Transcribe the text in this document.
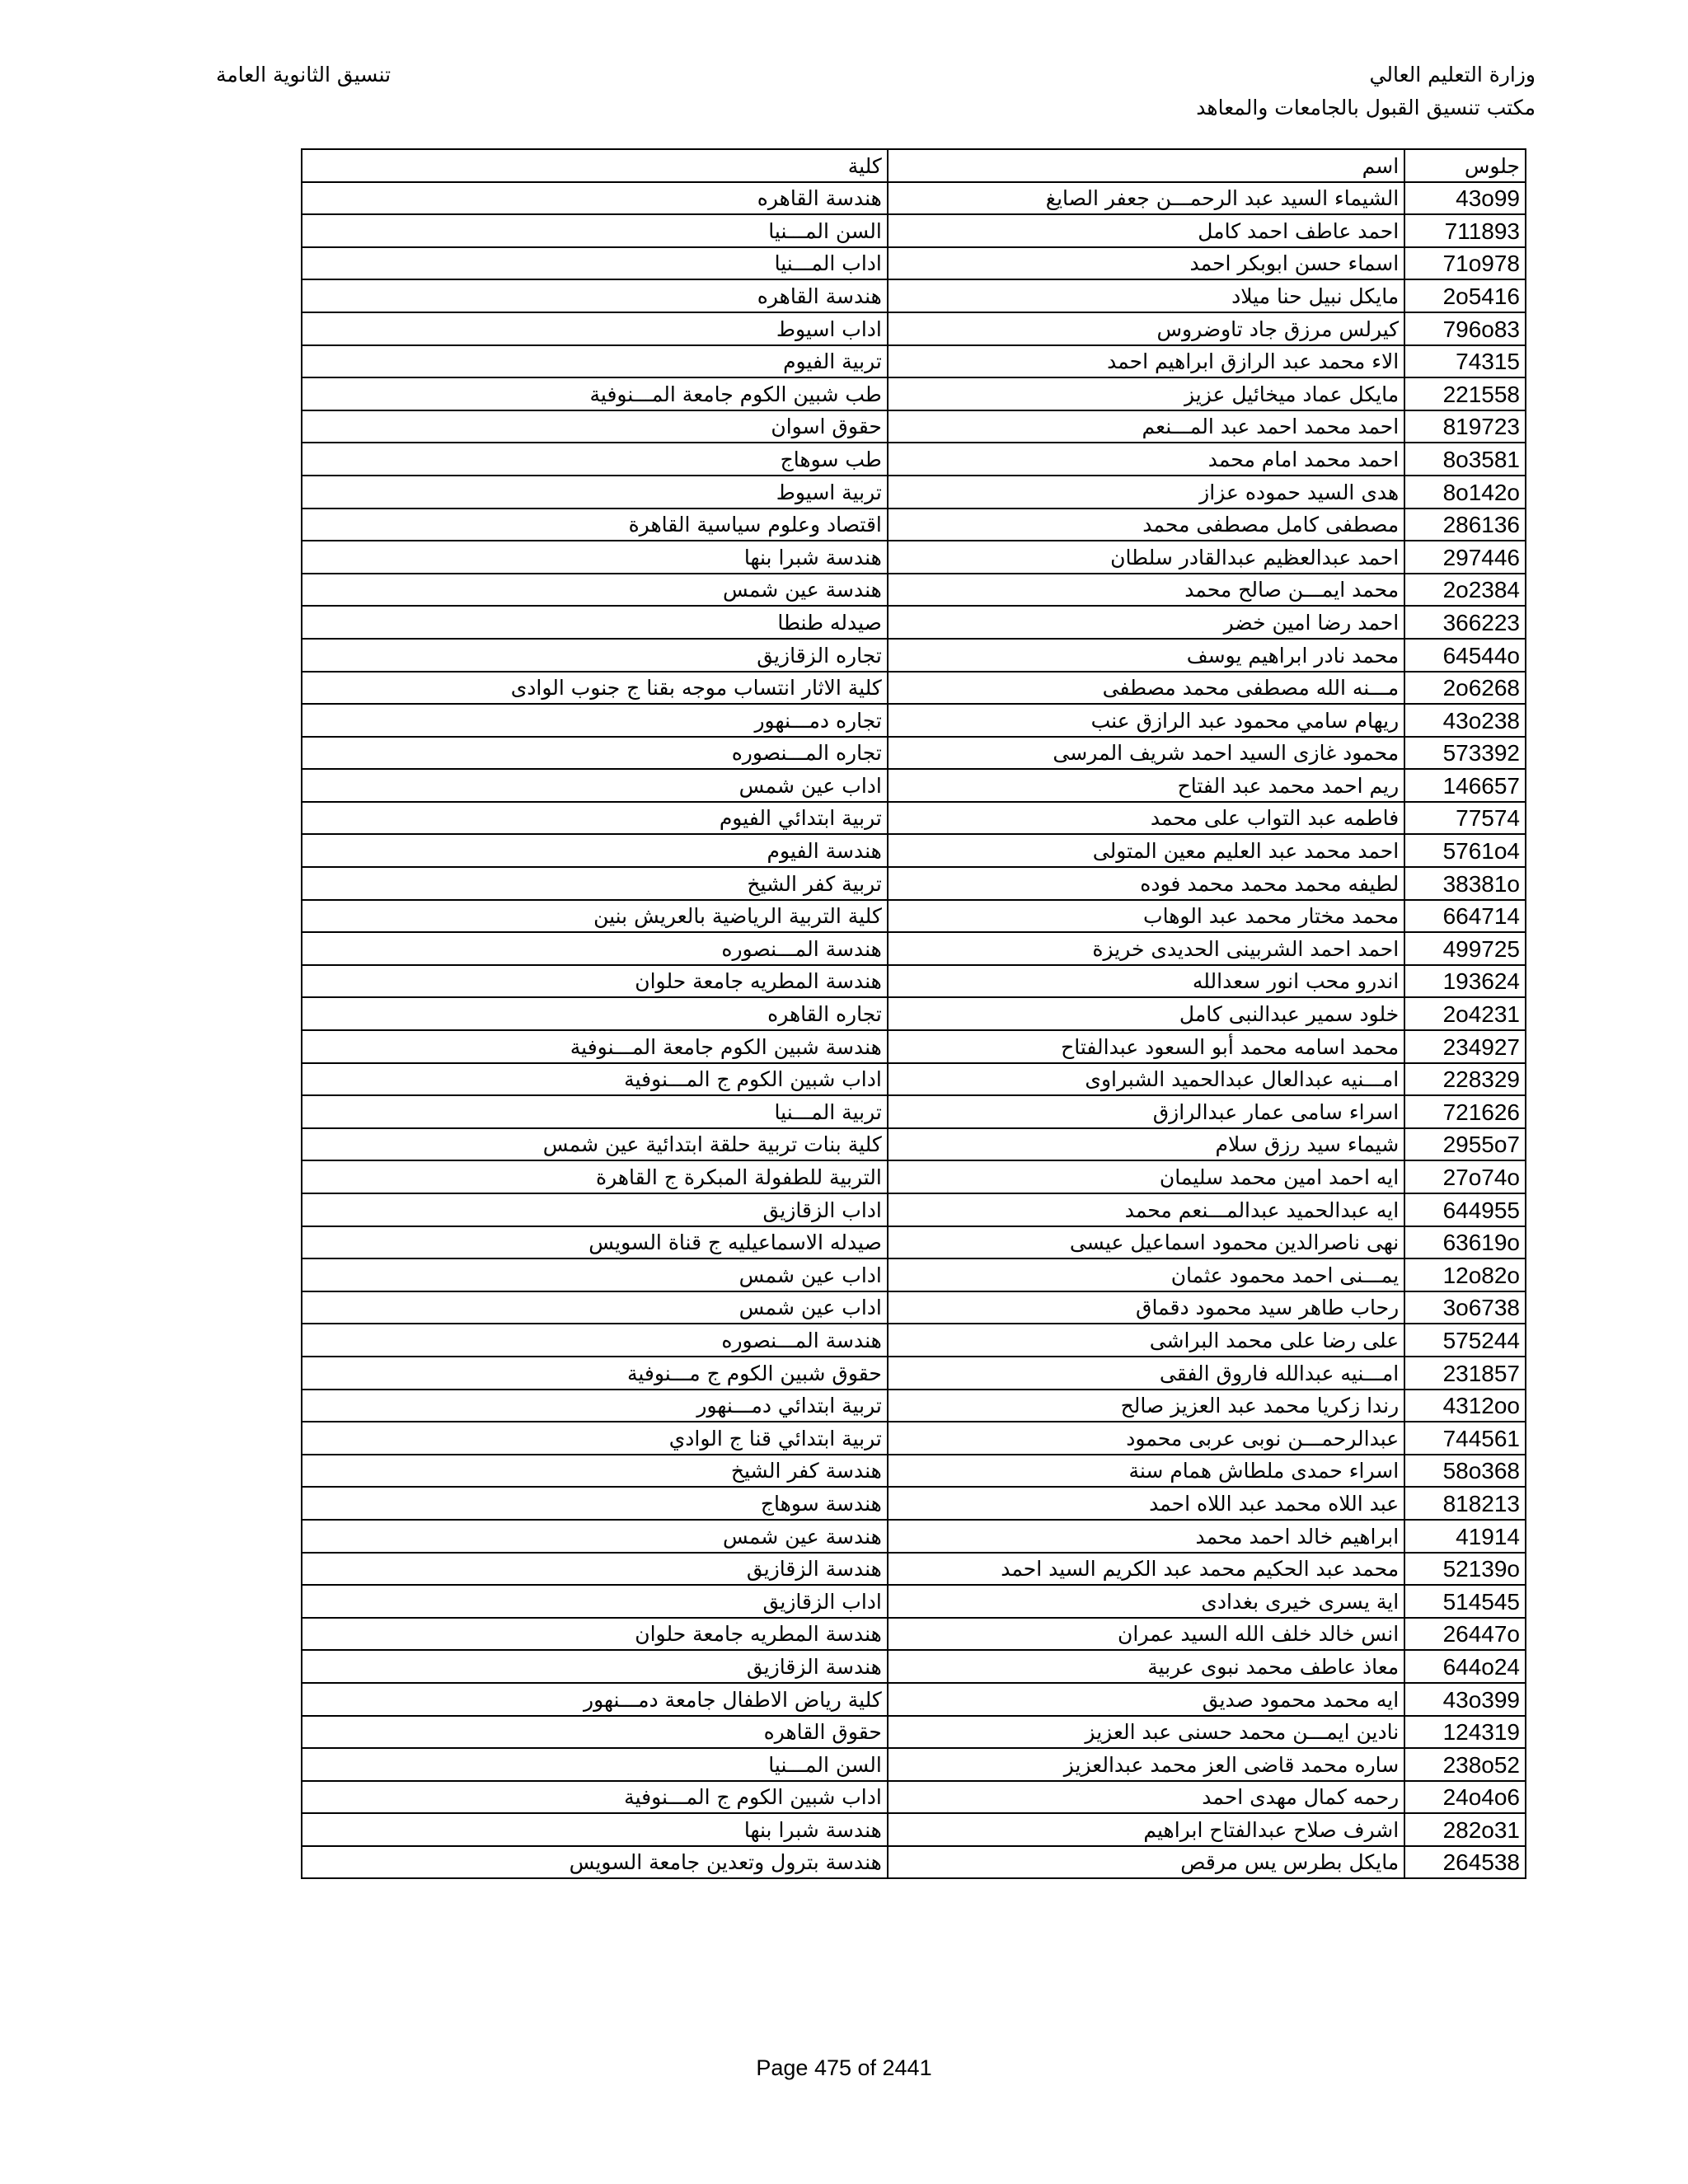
وزارة التعليم العالي
مكتب تنسيق القبول بالجامعات والمعاهد
تنسيق الثانوية العامة
جلوس	اسم	كلية
43o99	الشيماء السيد عبد الرحمـــن جعفر الصايغ	هندسة القاهره
711893	احمد عاطف احمد كامل	السن المـــنيا
71o978	اسماء حسن ابوبكر احمد	اداب المـــنيا
2o5416	مايكل نبيل حنا ميلاد	هندسة القاهره
796o83	كيرلس مرزق جاد تاوضروس	اداب اسيوط
74315	الاء محمد عبد الرازق ابراهيم احمد	تربية الفيوم
221558	مايكل عماد ميخائيل عزيز	طب شبين الكوم جامعة المـــنوفية
819723	احمد محمد احمد عبد المـــنعم	حقوق اسوان
8o3581	احمد محمد امام محمد	طب سوهاج
8o142o	هدى السيد حموده عزاز	تربية اسيوط
286136	مصطفى كامل مصطفى محمد	اقتصاد وعلوم سياسية القاهرة
297446	احمد عبدالعظيم عبدالقادر سلطان	هندسة شبرا بنها
2o2384	محمد ايمـــن صالح محمد	هندسة عين شمس
366223	احمد رضا امين خضر	صيدله طنطا
64544o	محمد نادر ابراهيم يوسف	تجاره الزقازيق
2o6268	مـــنه الله مصطفى محمد مصطفى	كلية الاثار انتساب موجه بقنا ج جنوب الوادى
43o238	ريهام سامي محمود عبد الرازق عنب	تجاره دمـــنهور
573392	محمود غازى السيد احمد شريف المرسى	تجاره المـــنصوره
146657	ريم احمد محمد عبد الفتاح	اداب عين شمس
77574	فاطمه عبد التواب على محمد	تربية ابتدائي الفيوم
5761o4	احمد محمد عبد العليم معين المتولى	هندسة الفيوم
38381o	لطيفه محمد محمد محمد فوده	تربية كفر الشيخ
664714	محمد مختار محمد عبد الوهاب	كلية التربية الرياضية بالعريش بنين
499725	احمد احمد الشربينى الحديدى خريزة	هندسة المـــنصوره
193624	اندرو محب انور سعدالله	هندسة المطريه جامعة حلوان
2o4231	خلود سمير عبدالنبى كامل	تجاره القاهره
234927	محمد اسامه محمد أبو السعود عبدالفتاح	هندسة شبين الكوم جامعة المـــنوفية
228329	امـــنيه عبدالعال عبدالحميد الشبراوى	اداب شبين الكوم ج المـــنوفية
721626	اسراء سامى عمار عبدالرازق	تربية المـــنيا
2955o7	شيماء سيد رزق سلام	كلية بنات تربية حلقة ابتدائية عين شمس
27o74o	ايه احمد امين محمد سليمان	التربية للطفولة المبكرة ج القاهرة
644955	ايه عبدالحميد عبدالمـــنعم محمد	اداب الزقازيق
63619o	نهى ناصرالدين محمود اسماعيل عيسى	صيدله الاسماعيليه ج قناة السويس
12o82o	يمـــنى احمد محمود عثمان	اداب عين شمس
3o6738	رحاب طاهر سيد محمود دقماق	اداب عين شمس
575244	على رضا على محمد البراشى	هندسة المـــنصوره
231857	امـــنيه عبدالله فاروق الفقى	حقوق شبين الكوم ج مـــنوفية
4312oo	رندا زكريا محمد عبد العزيز صالح	تربية ابتدائي دمـــنهور
744561	عبدالرحمـــن نوبى عربى محمود	تربية ابتدائي قنا ج الوادي
58o368	اسراء حمدى ملطاش همام سنة	هندسة كفر الشيخ
818213	عبد اللاه محمد عبد اللاه احمد	هندسة سوهاج
41914	ابراهيم خالد احمد محمد	هندسة عين شمس
52139o	محمد عبد الحكيم محمد عبد الكريم السيد احمد	هندسة الزقازيق
514545	اية يسرى خيرى بغدادى	اداب الزقازيق
26447o	انس خالد خلف الله السيد عمران	هندسة المطريه جامعة حلوان
644o24	معاذ عاطف محمد نبوى عربية	هندسة الزقازيق
43o399	ايه محمد محمود صديق	كلية رياض الاطفال جامعة دمـــنهور
124319	نادين ايمـــن محمد حسنى عبد العزيز	حقوق القاهره
238o52	ساره محمد قاضى العز محمد عبدالعزيز	السن المـــنيا
24o4o6	رحمه كمال مهدى احمد	اداب شبين الكوم ج المـــنوفية
282o31	اشرف صلاح عبدالفتاح ابراهيم	هندسة شبرا بنها
264538	مايكل بطرس يس مرقص	هندسة بترول وتعدين جامعة السويس
Page 475 of 2441
